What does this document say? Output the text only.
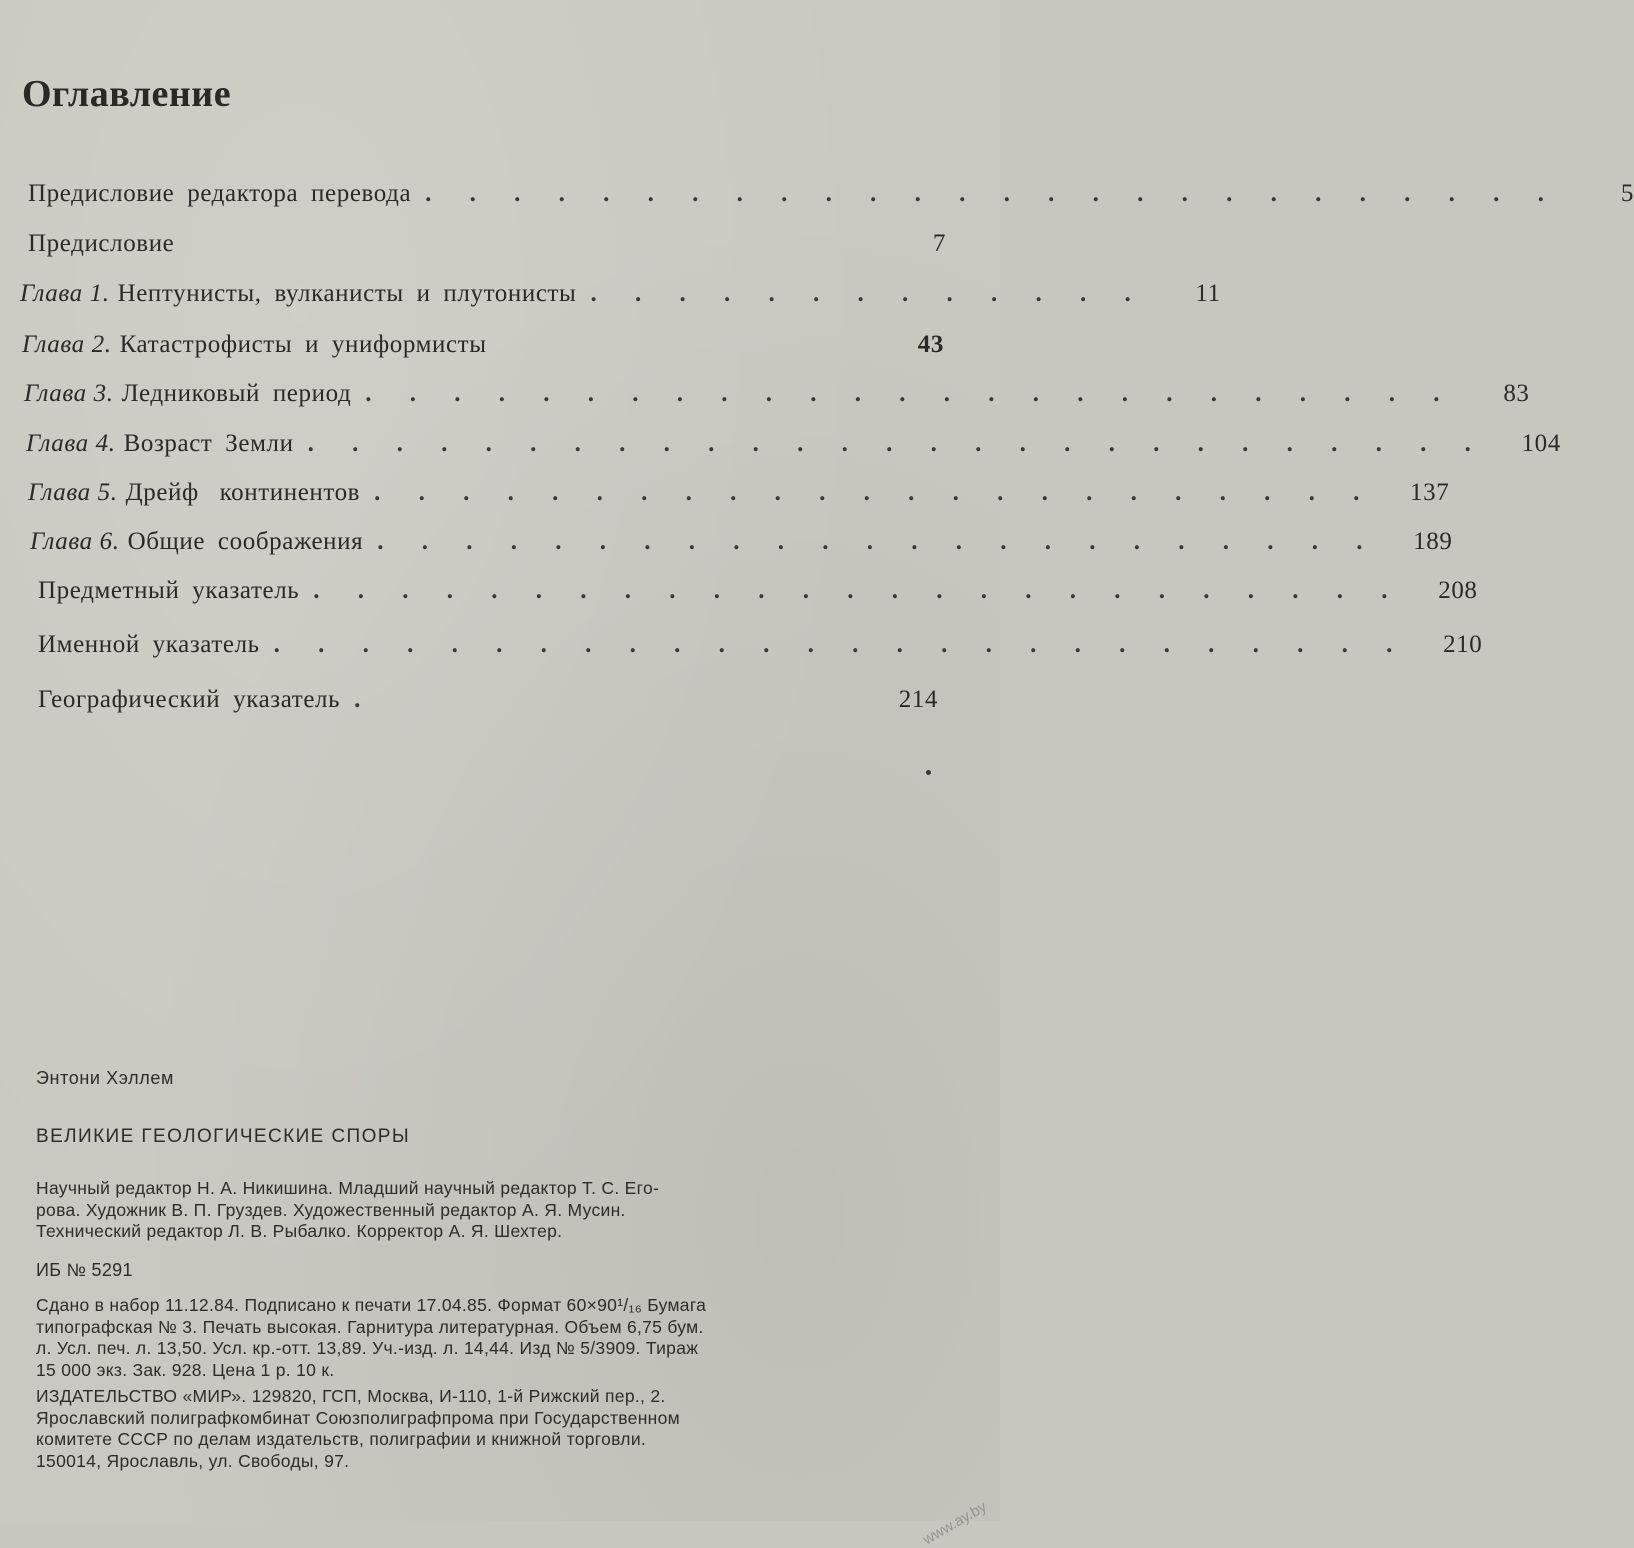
Оглавление
Предисловие редактора перевода . . . . . . . . . . . . . . . . . . . . . . . . . .	5
Предисловие	7
Глава 1. Нептунисты, вулканисты и плутонисты . . . . . . . . . . . . .	11
Глава 2. Катастрофисты и униформисты	43
Глава 3. Ледниковый период . . . . . . . . . . . . . . . . . . . . . . . . .	83
Глава 4. Возраст Земли . . . . . . . . . . . . . . . . . . . . . . . . . . .	104
Глава 5. Дрейф континентов . . . . . . . . . . . . . . . . . . . . . . .	137
Глава 6. Общие соображения . . . . . . . . . . . . . . . . . . . . . . .	189
Предметный указатель . . . . . . . . . . . . . . . . . . . . . . . . .	208
Именной указатель . . . . . . . . . . . . . . . . . . . . . . . . . .	210
Географический указатель .	214
Энтони Хэллем
ВЕЛИКИЕ ГЕОЛОГИЧЕСКИЕ СПОРЫ
Научный редактор Н. А. Никишина. Младший научный редактор Т. С. Его-
рова. Художник В. П. Груздев. Художественный редактор А. Я. Мусин.
Технический редактор Л. В. Рыбалко. Корректор А. Я. Шехтер.
ИБ № 5291
Сдано в набор 11.12.84. Подписано к печати 17.04.85. Формат 60×90¹/₁₆ Бумага
типографская № 3. Печать высокая. Гарнитура литературная. Объем 6,75 бум.
л. Усл. печ. л. 13,50. Усл. кр.-отт. 13,89. Уч.-изд. л. 14,44. Изд № 5/3909. Тираж
15 000 экз. Зак. 928. Цена 1 р. 10 к.
ИЗДАТЕЛЬСТВО «МИР». 129820, ГСП, Москва, И-110, 1-й Рижский пер., 2.
Ярославский полиграфкомбинат Союзполиграфпрома при Государственном
комитете СССР по делам издательств, полиграфии и книжной торговли.
150014, Ярославль, ул. Свободы, 97.
www.ay.by
